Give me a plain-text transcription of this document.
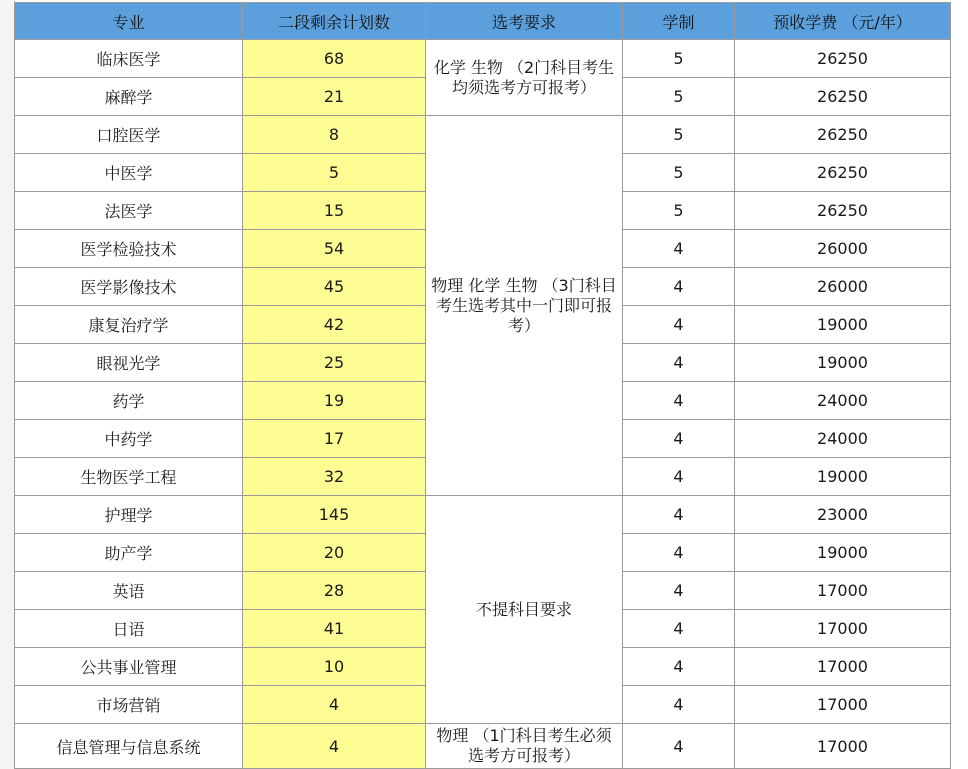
专业	二段剩余计划数	选考要求	学制	预收学费 （元/年）
临床医学	68	化学 生物 （2门科目考生均须选考方可报考）	5	26250
麻醉学	21		5	26250
口腔医学	8	物理 化学 生物 （3门科目考生选考其中一门即可报考）	5	26250
中医学	5		5	26250
法医学	15		5	26250
医学检验技术	54		4	26000
医学影像技术	45		4	26000
康复治疗学	42		4	19000
眼视光学	25		4	19000
药学	19		4	24000
中药学	17		4	24000
生物医学工程	32		4	19000
护理学	145	不提科目要求	4	23000
助产学	20		4	19000
英语	28		4	17000
日语	41		4	17000
公共事业管理	10		4	17000
市场营销	4		4	17000
信息管理与信息系统	4	物理 （1门科目考生必须选考方可报考）	4	17000
